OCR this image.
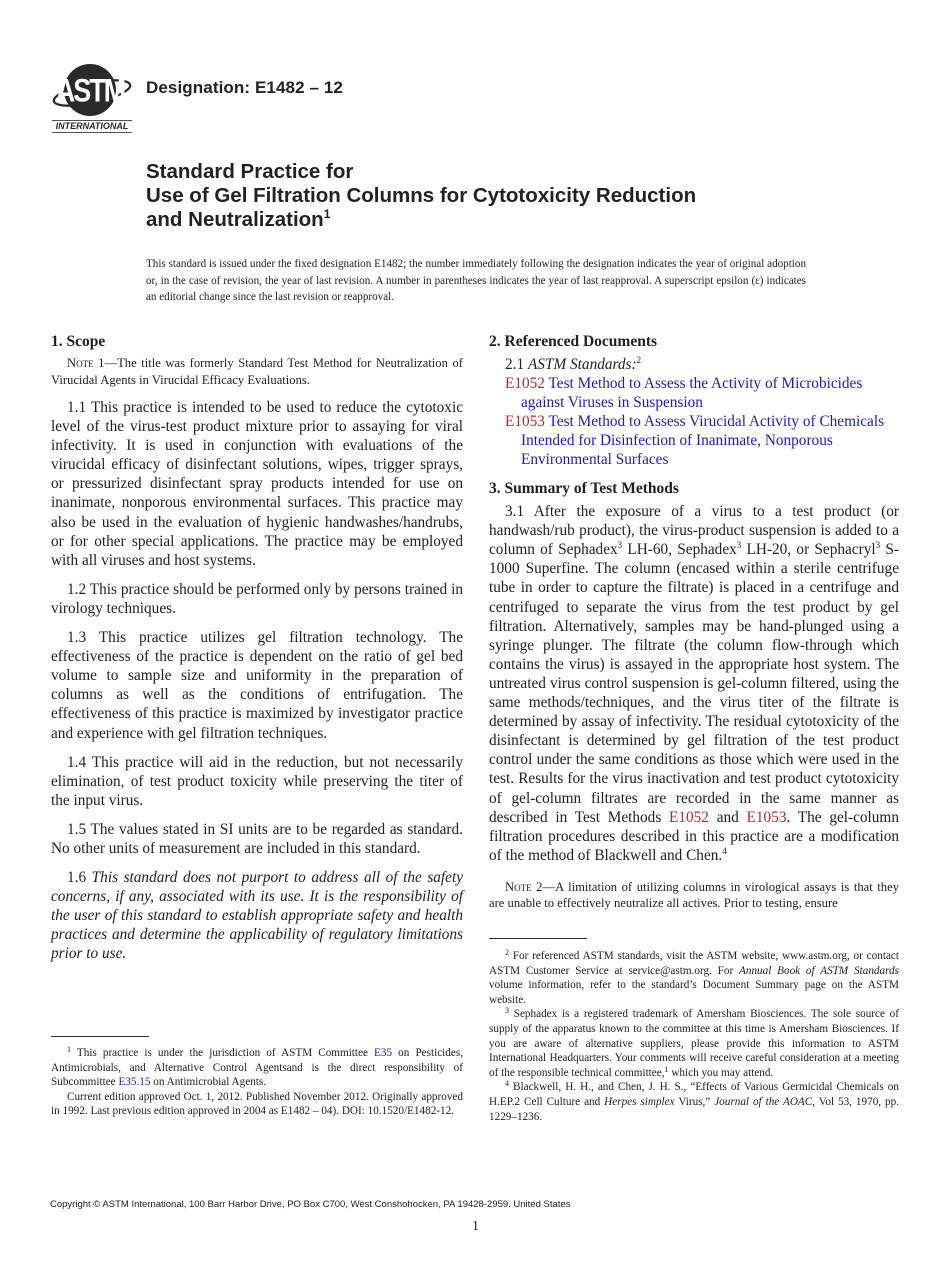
ASTM
INTERNATIONAL
Designation: E1482 – 12
Standard Practice for
Use of Gel Filtration Columns for Cytotoxicity Reduction
and Neutralization$^1$
This standard is issued under the fixed designation E1482; the number immediately following the designation indicates the year of original adoption or, in the case of revision, the year of last revision. A number in parentheses indicates the year of last reapproval. A superscript epsilon (ε) indicates an editorial change since the last revision or reapproval.
1. Scope

Note 1—The title was formerly Standard Test Method for Neutralization of Virucidal Agents in Virucidal Efficacy Evaluations.

1.1 This practice is intended to be used to reduce the cytotoxic level of the virus-test product mixture prior to assaying for viral infectivity. It is used in conjunction with evaluations of the virucidal efficacy of disinfectant solutions, wipes, trigger sprays, or pressurized disinfectant spray products intended for use on inanimate, nonporous environmental surfaces. This practice may also be used in the evaluation of hygienic handwashes/handrubs, or for other special applications. The practice may be employed with all viruses and host systems.

1.2 This practice should be performed only by persons trained in virology techniques.

1.3 This practice utilizes gel filtration technology. The effectiveness of the practice is dependent on the ratio of gel bed volume to sample size and uniformity in the preparation of columns as well as the conditions of entrifugation. The effectiveness of this practice is maximized by investigator practice and experience with gel filtration techniques.

1.4 This practice will aid in the reduction, but not necessarily elimination, of test product toxicity while preserving the titer of the input virus.

1.5 The values stated in SI units are to be regarded as standard. No other units of measurement are included in this standard.

1.6 This standard does not purport to address all of the safety concerns, if any, associated with its use. It is the responsibility of the user of this standard to establish appropriate safety and health practices and determine the applicability of regulatory limitations prior to use.

$^1$ This practice is under the jurisdiction of ASTM Committee E35 on Pesticides, Antimicrobials, and Alternative Control Agentsand is the direct responsibility of Subcommittee E35.15 on Antimicrobial Agents.

Current edition approved Oct. 1, 2012. Published November 2012. Originally approved in 1992. Last previous edition approved in 2004 as E1482 – 04). DOI: 10.1520/E1482-12.

2. Referenced Documents
2.1 ASTM Standards:$^2$

E1052 Test Method to Assess the Activity of Microbicides against Viruses in Suspension

E1053 Test Method to Assess Virucidal Activity of Chemicals Intended for Disinfection of Inanimate, Nonporous Environmental Surfaces

3. Summary of Test Methods

3.1 After the exposure of a virus to a test product (or handwash/rub product), the virus-product suspension is added to a column of Sephadex$^3$ LH-60, Sephadex$^3$ LH-20, or Sephacryl$^3$ S-1000 Superfine. The column (encased within a sterile centrifuge tube in order to capture the filtrate) is placed in a centrifuge and centrifuged to separate the virus from the test product by gel filtration. Alternatively, samples may be hand-plunged using a syringe plunger. The filtrate (the column flow-through which contains the virus) is assayed in the appropriate host system. The untreated virus control suspension is gel-column filtered, using the same methods/techniques, and the virus titer of the filtrate is determined by assay of infectivity. The residual cytotoxicity of the disinfectant is determined by gel filtration of the test product control under the same conditions as those which were used in the test. Results for the virus inactivation and test product cytotoxicity of gel-column filtrates are recorded in the same manner as described in Test Methods E1052 and E1053. The gel-column filtration procedures described in this practice are a modification of the method of Blackwell and Chen.$^4$

Note 2—A limitation of utilizing columns in virological assays is that they are unable to effectively neutralize all actives. Prior to testing, ensure

$^2$ For referenced ASTM standards, visit the ASTM website, www.astm.org, or contact ASTM Customer Service at service@astm.org. For Annual Book of ASTM Standards volume information, refer to the standard’s Document Summary page on the ASTM website.

$^3$ Sephadex is a registered trademark of Amersham Biosciences. The sole source of supply of the apparatus known to the committee at this time is Amersham Biosciences. If you are aware of alternative suppliers, please provide this information to ASTM International Headquarters. Your comments will receive careful consideration at a meeting of the responsible technical committee,$^1$ which you may attend.

$^4$ Blackwell, H. H., and Chen, J. H. S., “Effects of Various Germicidal Chemicals on H.EP.2 Cell Culture and Herpes simplex Virus,” Journal of the AOAC, Vol 53, 1970, pp. 1229–1236.

Copyright © ASTM International, 100 Barr Harbor Drive, PO Box C700, West Conshohocken, PA 19428-2959. United States
1
